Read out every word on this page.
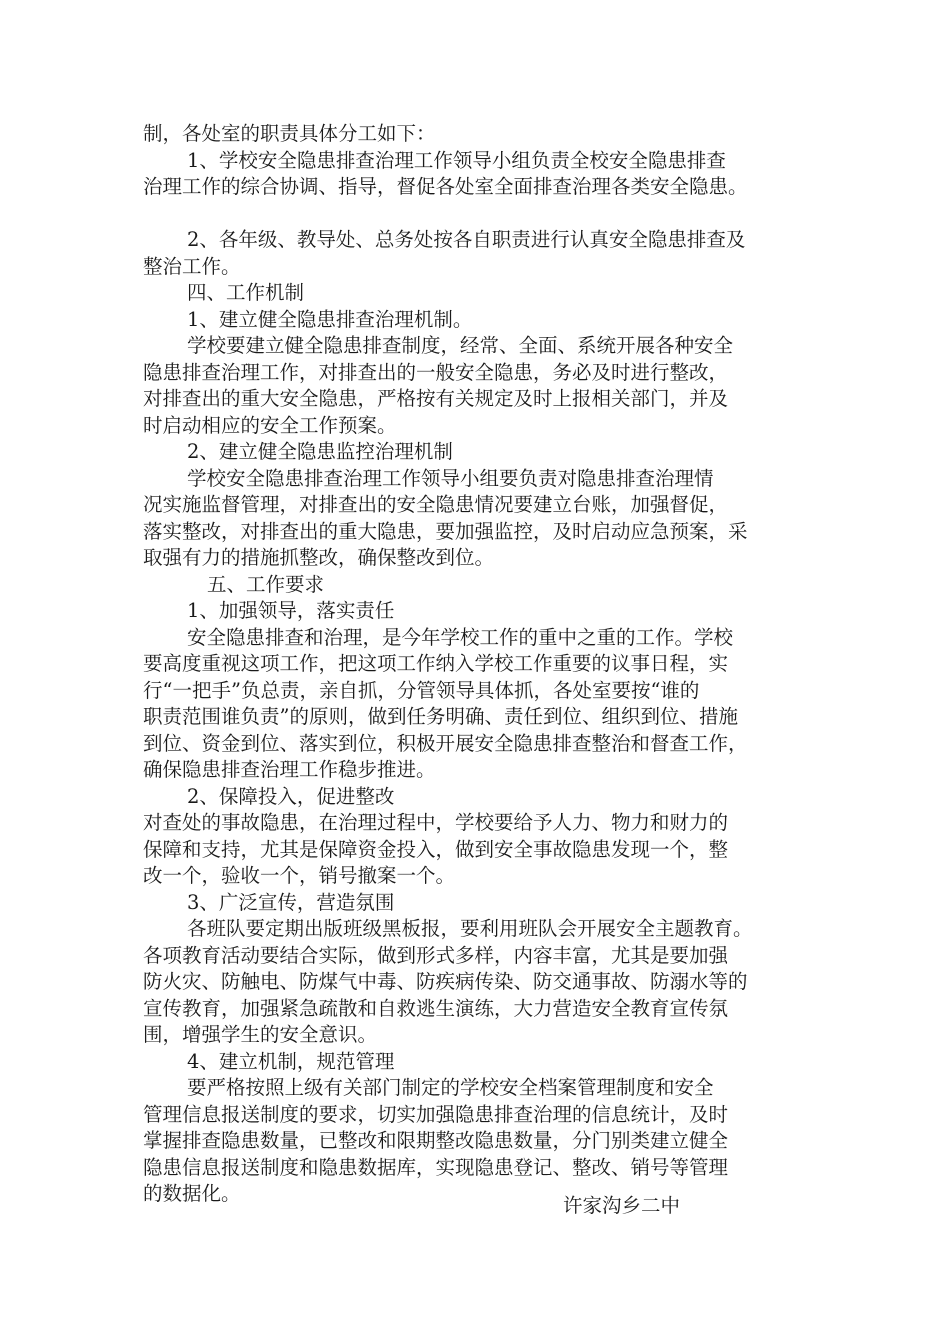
制，各处室的职责具体分工如下：
1、学校安全隐患排查治理工作领导小组负责全校安全隐患排查
治理工作的综合协调、指导，督促各处室全面排查治理各类安全隐患。
2、各年级、教导处、总务处按各自职责进行认真安全隐患排查及
整治工作。
四、工作机制
1、建立健全隐患排查治理机制。
学校要建立健全隐患排查制度，经常、全面、系统开展各种安全
隐患排查治理工作，对排查出的一般安全隐患，务必及时进行整改，
对排查出的重大安全隐患，严格按有关规定及时上报相关部门，并及
时启动相应的安全工作预案。
2、建立健全隐患监控治理机制
学校安全隐患排查治理工作领导小组要负责对隐患排查治理情
况实施监督管理，对排查出的安全隐患情况要建立台账，加强督促，
落实整改，对排查出的重大隐患，要加强监控，及时启动应急预案，采
取强有力的措施抓整改，确保整改到位。
五、工作要求
1、加强领导，落实责任
安全隐患排查和治理，是今年学校工作的重中之重的工作。学校
要高度重视这项工作，把这项工作纳入学校工作重要的议事日程，实
行“一把手”负总责，亲自抓，分管领导具体抓，各处室要按“谁的
职责范围谁负责”的原则，做到任务明确、责任到位、组织到位、措施
到位、资金到位、落实到位，积极开展安全隐患排查整治和督查工作，
确保隐患排查治理工作稳步推进。
2、保障投入，促进整改
对查处的事故隐患，在治理过程中，学校要给予人力、物力和财力的
保障和支持，尤其是保障资金投入，做到安全事故隐患发现一个，整
改一个，验收一个，销号撤案一个。
3、广泛宣传，营造氛围
各班队要定期出版班级黑板报，要利用班队会开展安全主题教育。
各项教育活动要结合实际，做到形式多样，内容丰富，尤其是要加强
防火灾、防触电、防煤气中毒、防疾病传染、防交通事故、防溺水等的
宣传教育，加强紧急疏散和自救逃生演练，大力营造安全教育宣传氛
围，增强学生的安全意识。
4、建立机制，规范管理
要严格按照上级有关部门制定的学校安全档案管理制度和安全
管理信息报送制度的要求，切实加强隐患排查治理的信息统计，及时
掌握排查隐患数量，已整改和限期整改隐患数量，分门别类建立健全
隐患信息报送制度和隐患数据库，实现隐患登记、整改、销号等管理
的数据化。
许家沟乡二中
